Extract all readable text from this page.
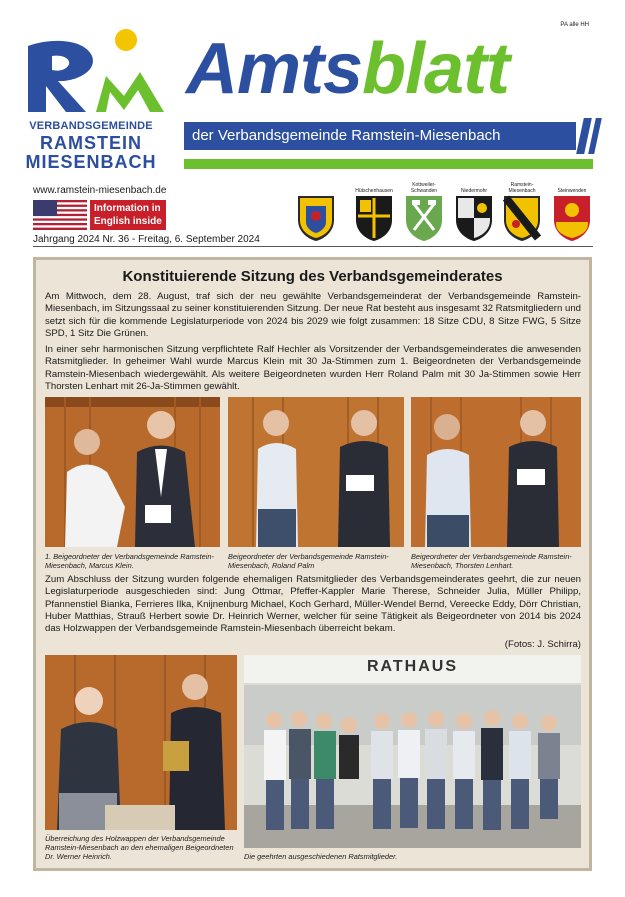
PA alle HH
VERBANDSGEMEINDE
RAMSTEIN
MIESENBACH
Amtsblatt
der Verbandsgemeinde Ramstein-Miesenbach
www.ramstein-miesenbach.de
Information in English inside
Jahrgang 2024 Nr. 36 - Freitag, 6. September 2024
Hütschenhausen
Kottweiler-Schwanden	Niedermohr
Ramstein-Miesenbach	Steinwenden
Konstituierende Sitzung des Verbandsgemeinderates
Am Mittwoch, dem 28. August, traf sich der neu gewählte Verbandsgemeinderat der Verbandsgemeinde Ramstein-Miesenbach, im Sitzungssaal zu seiner konstituierenden Sitzung. Der neue Rat besteht aus insgesamt 32 Ratsmitgliedern und setzt sich für die kommende Legislaturperiode von 2024 bis 2029 wie folgt zusammen: 18 Sitze CDU, 8 Sitze FWG, 5 Sitze SPD, 1 Sitz Die Grünen.
In einer sehr harmonischen Sitzung verpflichtete Ralf Hechler als Vorsitzender der Verbandsgemeinderates die anwesenden Ratsmitglieder. In geheimer Wahl wurde Marcus Klein mit 30 Ja-Stimmen zum 1. Beigeordneten der Verbandsgemeinde Ramstein-Miesenbach wiedergewählt. Als weitere Beigeordneten wurden Herr Roland Palm mit 30 Ja-Stimmen sowie Herr Thorsten Lenhart mit 26-Ja-Stimmen gewählt.
1. Beigeordneter der Verbandsgemeinde Ramstein-Miesenbach, Marcus Klein.
Beigeordneter der Verbandsgemeinde Ramstein-Miesenbach, Roland Palm
Beigeordneter der Verbandsgemeinde Ramstein-Miesenbach, Thorsten Lenhart.
Zum Abschluss der Sitzung wurden folgende ehemaligen Ratsmitglieder des Verbandsgemeinderates geehrt, die zur neuen Legislaturperiode ausgeschieden sind: Jung Ottmar, Pfeffer-Kappler Marie Therese, Schneider Julia, Müller Philipp, Pfannenstiel Bianka, Ferrieres Ilka, Knijnenburg Michael, Koch Gerhard, Müller-Wendel Bernd, Vereecke Eddy, Dörr Christian, Huber Matthias, Strauß Herbert sowie Dr. Heinrich Werner, welcher für seine Tätigkeit als Beigeordneter von 2014 bis 2024 das Holzwappen der Verbandsgemeinde Ramstein-Miesenbach überreicht bekam.
(Fotos: J. Schirra)
RATHAUS
Überreichung des Holzwappen der Verbandsgemeinde Ramstein-Miesenbach an den ehemaligen Beigeordneten Dr. Werner Heinrich.	Die geehrten ausgeschiedenen Ratsmitglieder.
